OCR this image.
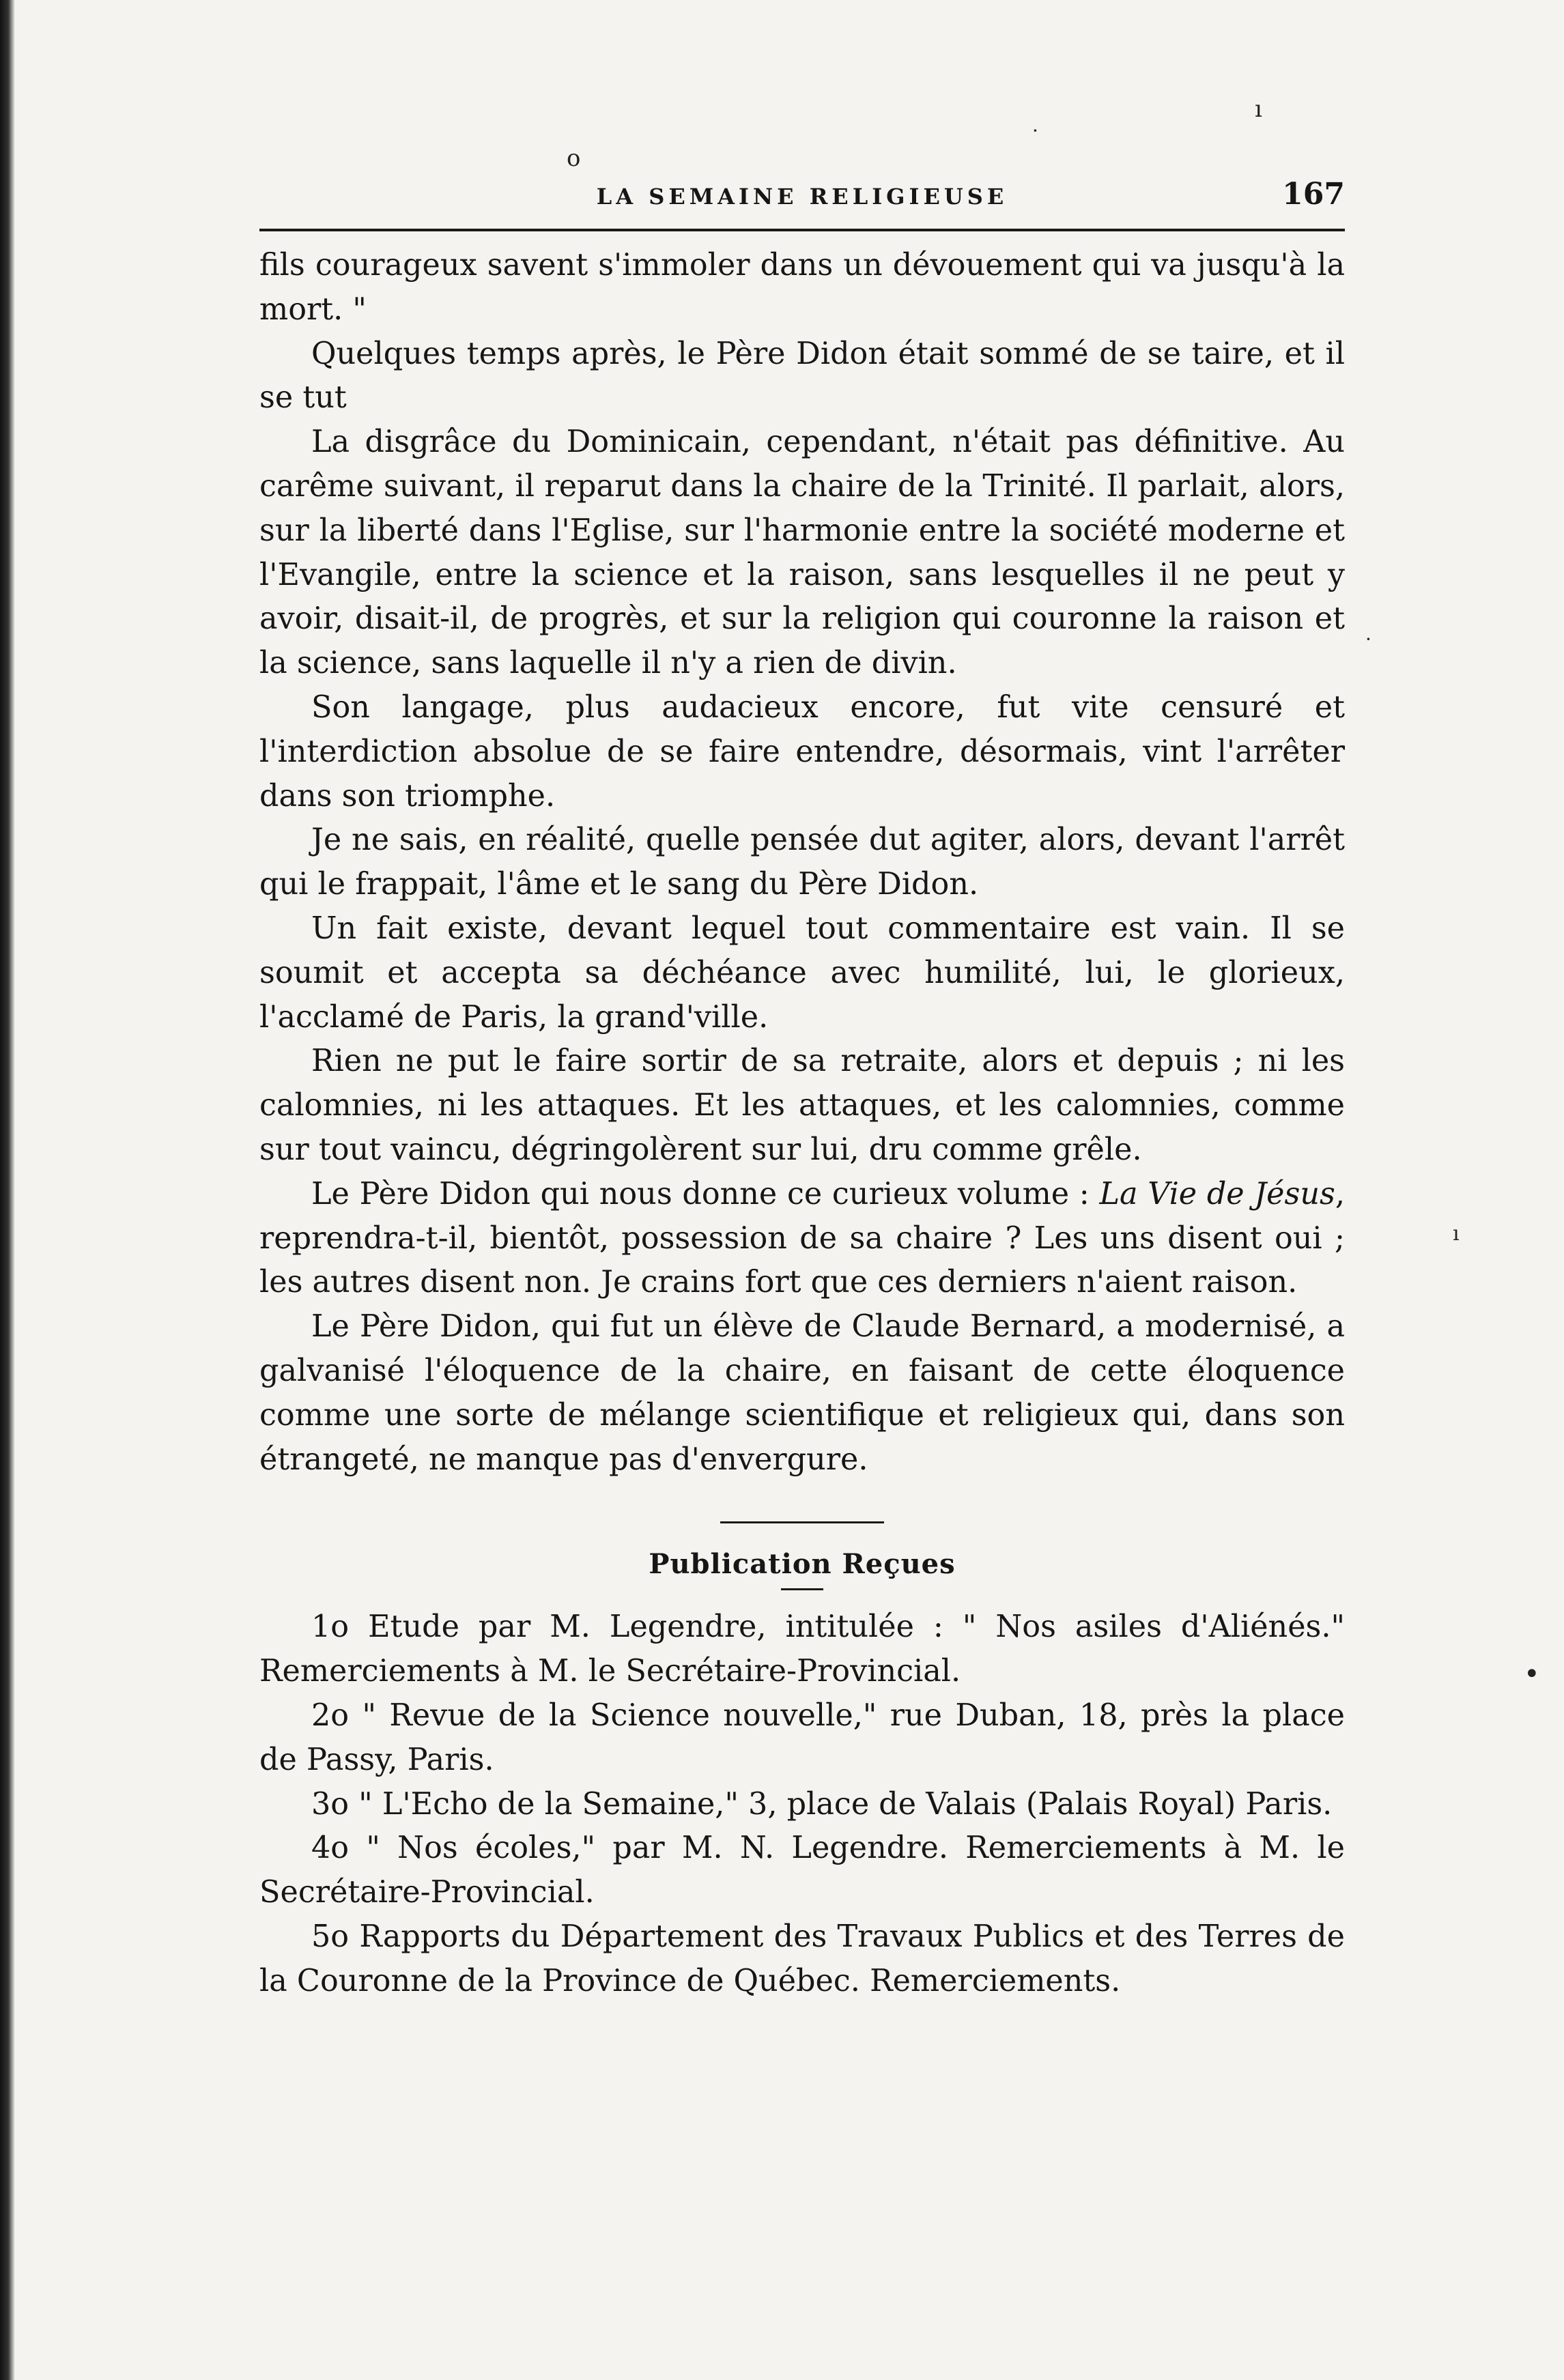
o
ı
•
ı
·
·
LA SEMAINE RELIGIEUSE	167

fils courageux savent s'immoler dans un dévouement qui va jusqu'à la mort. "

Quelques temps après, le Père Didon était sommé de se taire, et il se tut

La disgrâce du Dominicain, cependant, n'était pas définitive. Au carême suivant, il reparut dans la chaire de la Trinité. Il parlait, alors, sur la liberté dans l'Eglise, sur l'harmonie entre la société moderne et l'Evangile, entre la science et la raison, sans lesquelles il ne peut y avoir, disait-il, de progrès, et sur la religion qui couronne la raison et la science, sans laquelle il n'y a rien de divin.

Son langage, plus audacieux encore, fut vite censuré et l'interdiction absolue de se faire entendre, désormais, vint l'arrêter dans son triomphe.

Je ne sais, en réalité, quelle pensée dut agiter, alors, devant l'arrêt qui le frappait, l'âme et le sang du Père Didon.

Un fait existe, devant lequel tout commentaire est vain. Il se soumit et accepta sa déchéance avec humilité, lui, le glorieux, l'acclamé de Paris, la grand'ville.

Rien ne put le faire sortir de sa retraite, alors et depuis ; ni les calomnies, ni les attaques. Et les attaques, et les calomnies, comme sur tout vaincu, dégringolèrent sur lui, dru comme grêle.

Le Père Didon qui nous donne ce curieux volume : La Vie de Jésus, reprendra-t-il, bientôt, possession de sa chaire ? Les uns disent oui ; les autres disent non. Je crains fort que ces derniers n'aient raison.

Le Père Didon, qui fut un élève de Claude Bernard, a modernisé, a galvanisé l'éloquence de la chaire, en faisant de cette éloquence comme une sorte de mélange scientifique et religieux qui, dans son étrangeté, ne manque pas d'envergure.

Publication Reçues

1o Etude par M. Legendre, intitulée : " Nos asiles d'Aliénés." Remerciements à M. le Secrétaire-Provincial.

2o " Revue de la Science nouvelle," rue Duban, 18, près la place de Passy, Paris.

3o " L'Echo de la Semaine," 3, place de Valais (Palais Royal) Paris.

4o " Nos écoles," par M. N. Legendre. Remerciements à M. le Secrétaire-Provincial.

5o Rapports du Département des Travaux Publics et des Terres de la Couronne de la Province de Québec. Remerciements.
